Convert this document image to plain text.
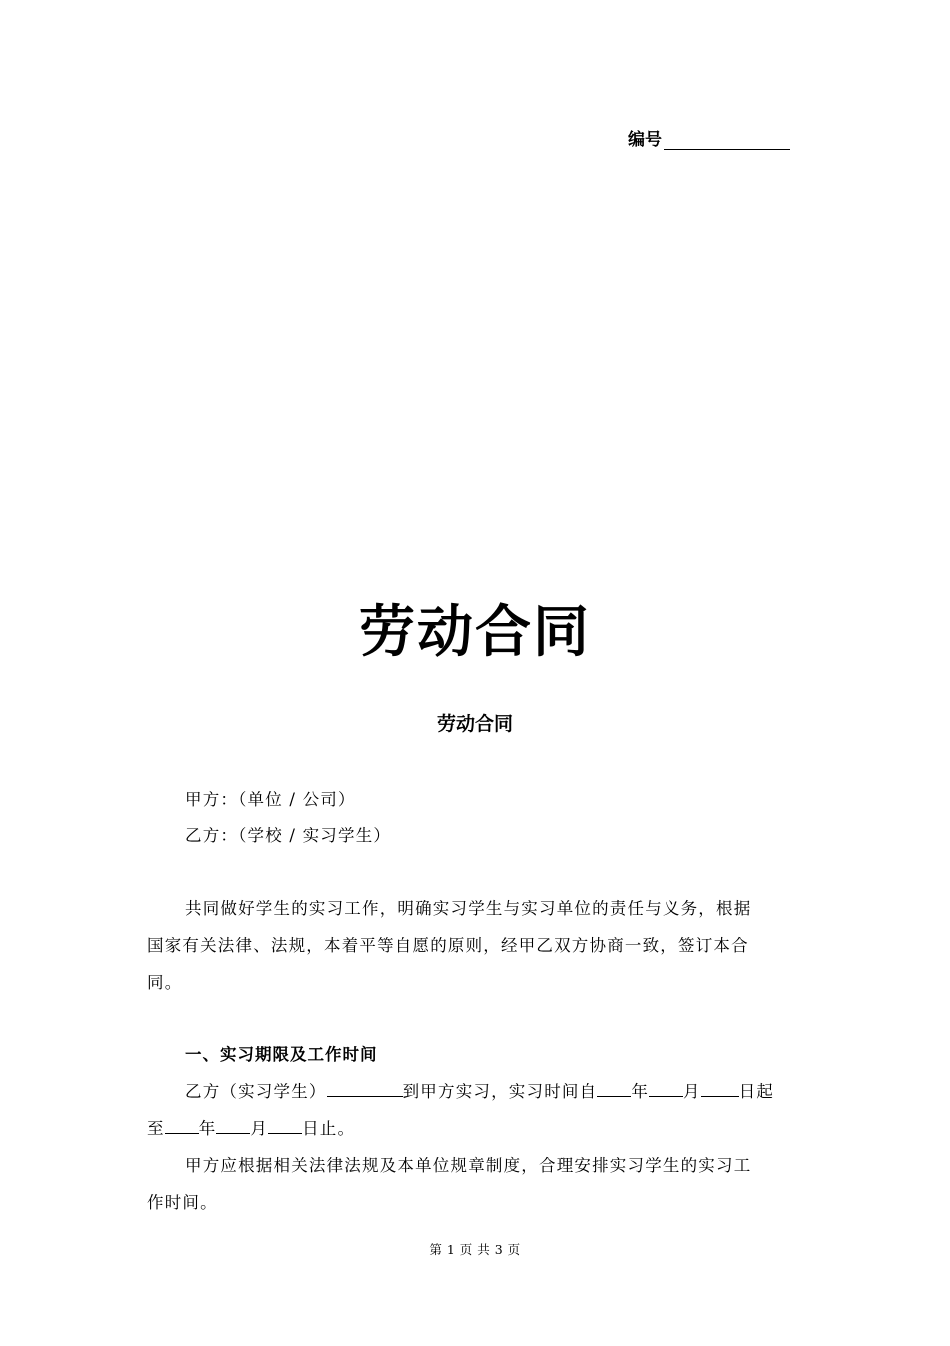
编号
劳动合同
劳动合同
甲方：（单位 / 公司）
乙方：（学校 / 实习学生）
共同做好学生的实习工作，明确实习学生与实习单位的责任与义务，根据
国家有关法律、法规，本着平等自愿的原则，经甲乙双方协商一致，签订本合
同。
一、实习期限及工作时间
乙方（实习学生）	到甲方实习，实习时间自 年 月 日起
至 年 月 日止。
甲方应根据相关法律法规及本单位规章制度，合理安排实习学生的实习工
作时间。
第 1 页 共 3 页
